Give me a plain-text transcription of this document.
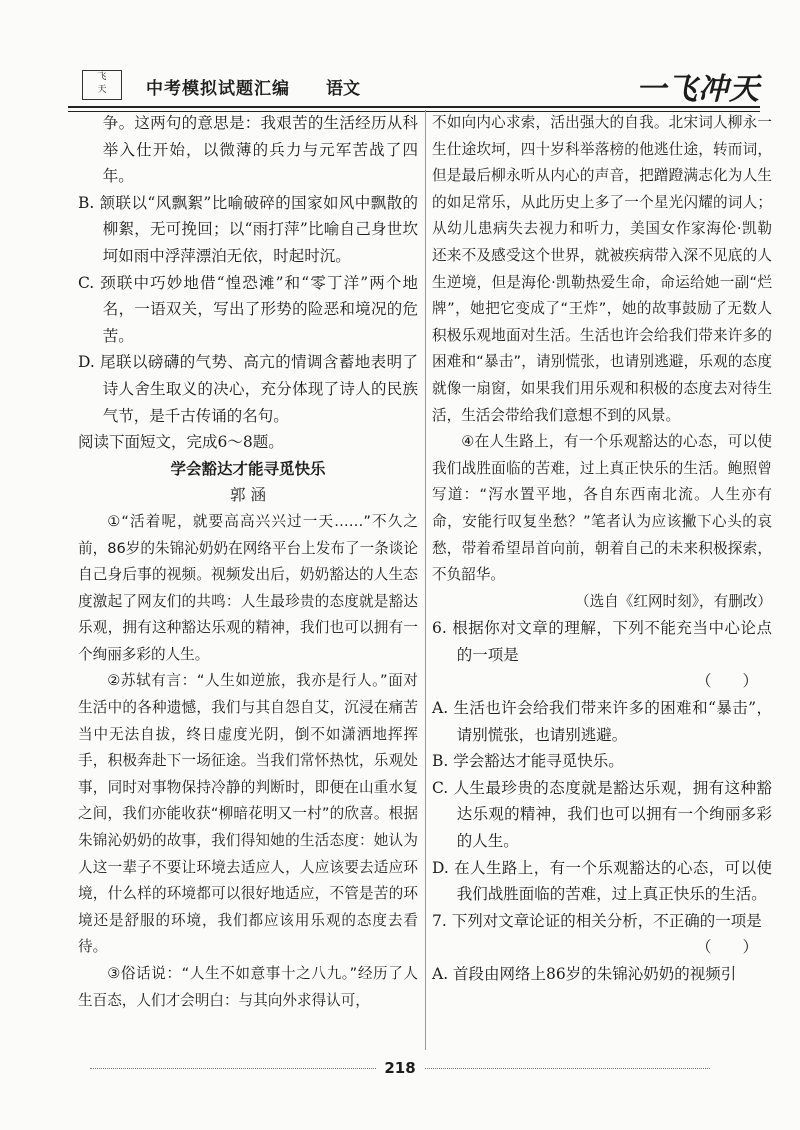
飞
天	中考模拟试题汇编 语文	一飞冲天

争。这两句的意思是：我艰苦的生活经历从科举入仕开始，以微薄的兵力与元军苦战了四年。

B. 颔联以“风飘絮”比喻破碎的国家如风中飘散的柳絮，无可挽回；以“雨打萍”比喻自己身世坎坷如雨中浮萍漂泊无依，时起时沉。

C. 颈联中巧妙地借“惶恐滩”和“零丁洋”两个地名，一语双关，写出了形势的险恶和境况的危苦。

D. 尾联以磅礴的气势、高亢的情调含蓄地表明了诗人舍生取义的决心，充分体现了诗人的民族气节，是千古传诵的名句。

阅读下面短文，完成6～8题。

学会豁达才能寻觅快乐

郭 涵

①“活着呢，就要高高兴兴过一天……”不久之前，86岁的朱锦沁奶奶在网络平台上发布了一条谈论自己身后事的视频。视频发出后，奶奶豁达的人生态度激起了网友们的共鸣：人生最珍贵的态度就是豁达乐观，拥有这种豁达乐观的精神，我们也可以拥有一个绚丽多彩的人生。

②苏轼有言：“人生如逆旅，我亦是行人。”面对生活中的各种遗憾，我们与其自怨自艾，沉浸在痛苦当中无法自拔，终日虚度光阴，倒不如潇洒地挥挥手，积极奔赴下一场征途。当我们常怀热忱，乐观处事，同时对事物保持冷静的判断时，即便在山重水复之间，我们亦能收获“柳暗花明又一村”的欣喜。根据朱锦沁奶奶的故事，我们得知她的生活态度：她认为人这一辈子不要让环境去适应人，人应该要去适应环境，什么样的环境都可以很好地适应，不管是苦的环境还是舒服的环境，我们都应该用乐观的态度去看待。

③俗话说：“人生不如意事十之八九。”经历了人生百态，人们才会明白：与其向外求得认可，

不如向内心求索，活出强大的自我。北宋词人柳永一生仕途坎坷，四十岁科举落榜的他逃仕途，转而词，但是最后柳永听从内心的声音，把蹭蹬满志化为人生的如足常乐，从此历史上多了一个星光闪耀的词人；从幼儿患病失去视力和听力，美国女作家海伦·凯勒还来不及感受这个世界，就被疾病带入深不见底的人生逆境，但是海伦·凯勒热爱生命，命运给她一副“烂牌”，她把它变成了“王炸”，她的故事鼓励了无数人积极乐观地面对生活。生活也许会给我们带来许多的困难和“暴击”，请别慌张，也请别逃避，乐观的态度就像一扇窗，如果我们用乐观和积极的态度去对待生活，生活会带给我们意想不到的风景。

④在人生路上，有一个乐观豁达的心态，可以使我们战胜面临的苦难，过上真正快乐的生活。鲍照曾写道：“泻水置平地，各自东西南北流。人生亦有命，安能行叹复坐愁？”笔者认为应该撇下心头的哀愁，带着希望昂首向前，朝着自己的未来积极探索，不负韶华。

（选自《红网时刻》，有删改）

6. 根据你对文章的理解，下列不能充当中心论点的一项是
（　　）

A. 生活也许会给我们带来许多的困难和“暴击”，请别慌张，也请别逃避。

B. 学会豁达才能寻觅快乐。

C. 人生最珍贵的态度就是豁达乐观，拥有这种豁达乐观的精神，我们也可以拥有一个绚丽多彩的人生。

D. 在人生路上，有一个乐观豁达的心态，可以使我们战胜面临的苦难，过上真正快乐的生活。

7. 下列对文章论证的相关分析，不正确的一项是
（　　）

A. 首段由网络上86岁的朱锦沁奶奶的视频引

218
